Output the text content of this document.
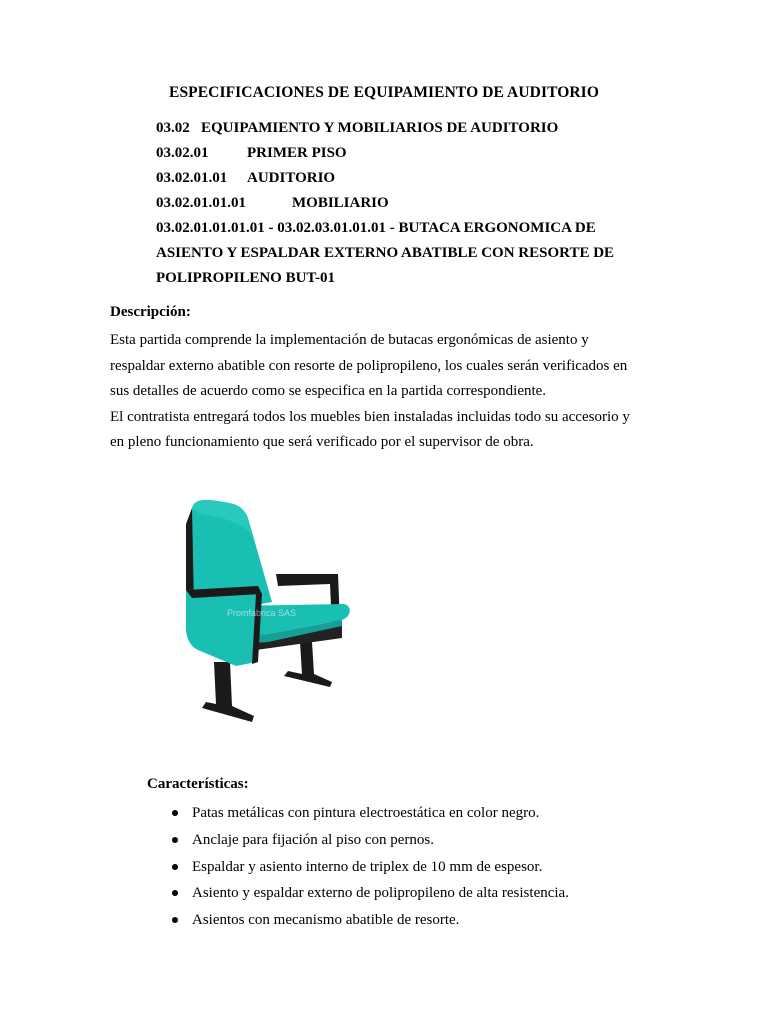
ESPECIFICACIONES DE EQUIPAMIENTO DE AUDITORIO
03.02 EQUIPAMIENTO Y MOBILIARIOS DE AUDITORIO
03.02.01	PRIMER PISO
03.02.01.01 AUDITORIO
03.02.01.01.01	MOBILIARIO
03.02.01.01.01.01 - 03.02.03.01.01.01 - BUTACA ERGONOMICA DE
ASIENTO Y ESPALDAR EXTERNO ABATIBLE CON RESORTE DE
POLIPROPILENO BUT-01
Descripción:
Esta partida comprende la implementación de butacas ergonómicas de asiento y
respaldar externo abatible con resorte de polipropileno, los cuales serán verificados en
sus detalles de acuerdo como se especifica en la partida correspondiente.
El contratista entregará todos los muebles bien instaladas incluidas todo su accesorio y
en pleno funcionamiento que será verificado por el supervisor de obra.
Promfabrica SAS
Características:
Patas metálicas con pintura electroestática en color negro.
Anclaje para fijación al piso con pernos.
Espaldar y asiento interno de triplex de 10 mm de espesor.
Asiento y espaldar externo de polipropileno de alta resistencia.
Asientos con mecanismo abatible de resorte.
